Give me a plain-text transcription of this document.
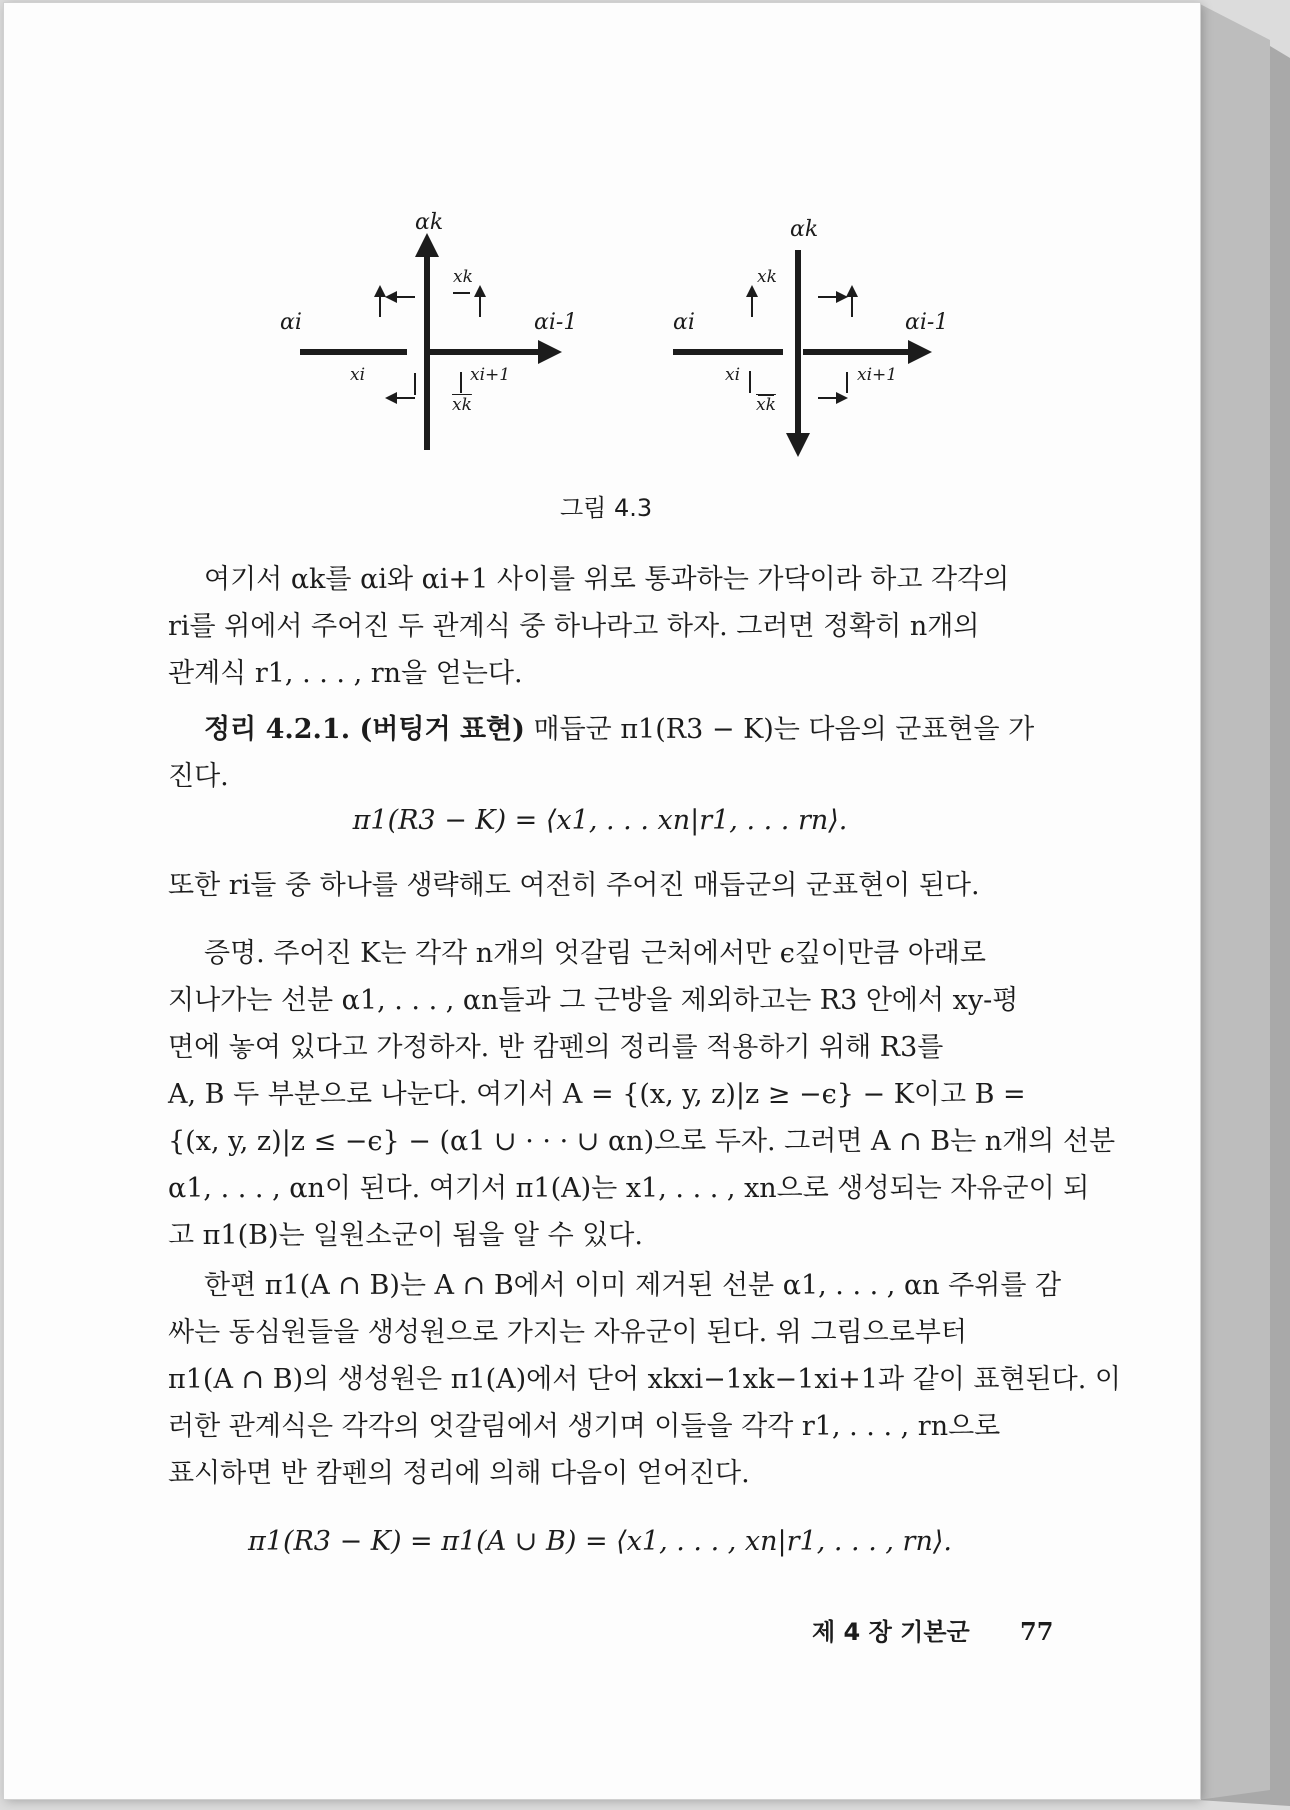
αk
αi	αi-1
xk
xi	xi+1
$\overline{xk}$
αk
αi	αi-1
xk
xi	xi+1
$\overline{xk}$
그림 4.3
여기서 αk를 αi와 αi+1 사이를 위로 통과하는 가닥이라 하고 각각의
ri를 위에서 주어진 두 관계식 중 하나라고 하자. 그러면 정확히 n개의
관계식 r1, . . . , rn을 얻는다.
정리 4.2.1. (버팅거 표현) 매듭군 π1(R3 − K)는 다음의 군표현을 가
진다.
π1(R3 − K) = ⟨x1, . . . xn|r1, . . . rn⟩.
또한 ri들 중 하나를 생략해도 여전히 주어진 매듭군의 군표현이 된다.
증명. 주어진 K는 각각 n개의 엇갈림 근처에서만 ϵ깊이만큼 아래로
지나가는 선분 α1, . . . , αn들과 그 근방을 제외하고는 R3 안에서 xy-평
면에 놓여 있다고 가정하자. 반 캄펜의 정리를 적용하기 위해 R3를
A, B 두 부분으로 나눈다. 여기서 A = {(x, y, z)|z ≥ −ϵ} − K이고 B =
{(x, y, z)|z ≤ −ϵ} − (α1 ∪ · · · ∪ αn)으로 두자. 그러면 A ∩ B는 n개의 선분
α1, . . . , αn이 된다. 여기서 π1(A)는 x1, . . . , xn으로 생성되는 자유군이 되
고 π1(B)는 일원소군이 됨을 알 수 있다.
한편 π1(A ∩ B)는 A ∩ B에서 이미 제거된 선분 α1, . . . , αn 주위를 감
싸는 동심원들을 생성원으로 가지는 자유군이 된다. 위 그림으로부터
π1(A ∩ B)의 생성원은 π1(A)에서 단어 xkxi−1xk−1xi+1과 같이 표현된다. 이
러한 관계식은 각각의 엇갈림에서 생기며 이들을 각각 r1, . . . , rn으로
표시하면 반 캄펜의 정리에 의해 다음이 얻어진다.
π1(R3 − K) = π1(A ∪ B) = ⟨x1, . . . , xn|r1, . . . , rn⟩.
제 4 장 기본군 77
